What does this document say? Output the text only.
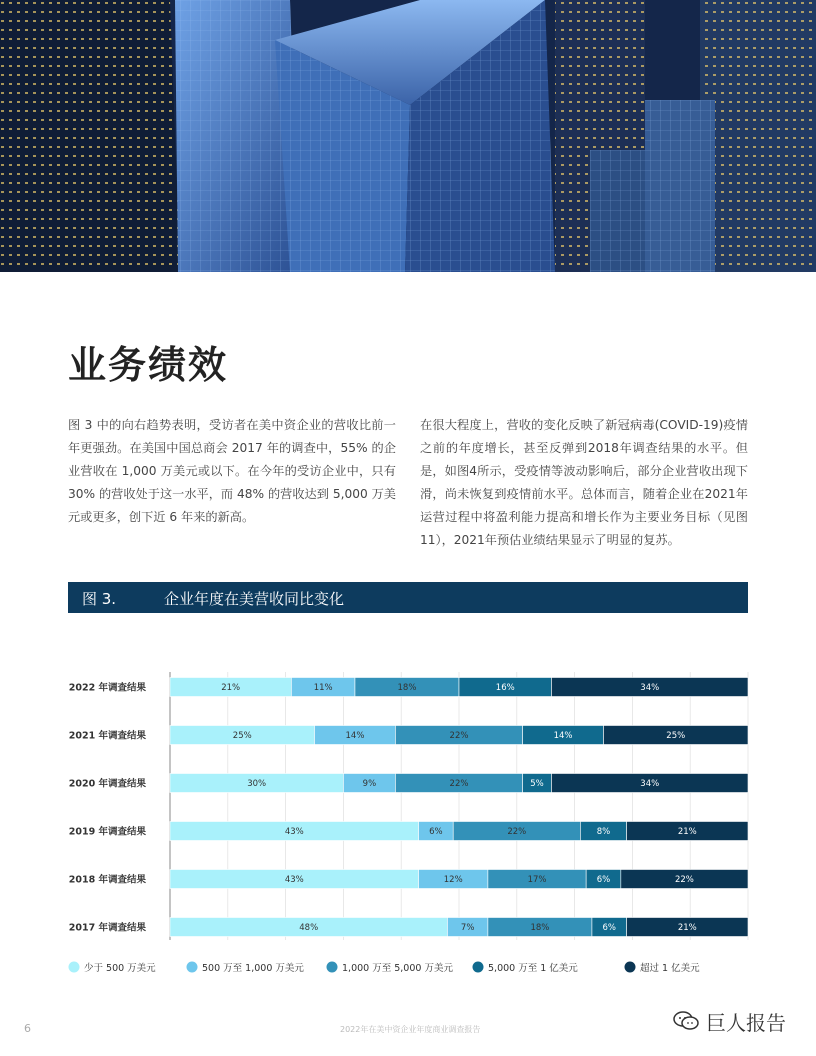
业务绩效

图 3 中的向右趋势表明，受访者在美中资企业的营收比前一年更强劲。在美国中国总商会 2017 年的调查中，55% 的企业营收在 1,000 万美元或以下。在今年的受访企业中，只有 30% 的营收处于这一水平，而 48% 的营收达到 5,000 万美元或更多，创下近 6 年来的新高。

在很大程度上，营收的变化反映了新冠病毒(COVID-19)疫情之前的年度增长，甚至反弹到2018年调查结果的水平。但是，如图4所示，受疫情等波动影响后，部分企业营收出现下滑，尚未恢复到疫情前水平。总体而言，随着企业在2021年运营过程中将盈利能力提高和增长作为主要业务目标（见图11），2021年预估业绩结果显示了明显的复苏。

图 3.	企业年度在美营收同比变化
2022 年调查结果	21%	11%	18%	16%	34%
2021 年调查结果	25%	14%	22%	14%	25%
2020 年调查结果	30%	9%	22%	5%	34%
2019 年调查结果	43%	6%	22%	8%	21%
2018 年调查结果	43%	12%	17%	6%	22%
2017 年调查结果	48%	7%	18%	6%	21%
少于 500 万美元	500 万至 1,000 万美元	1,000 万至 5,000 万美元	5,000 万至 1 亿美元	超过 1 亿美元
6	2022年在美中资企业年度商业调查报告	巨人报告
